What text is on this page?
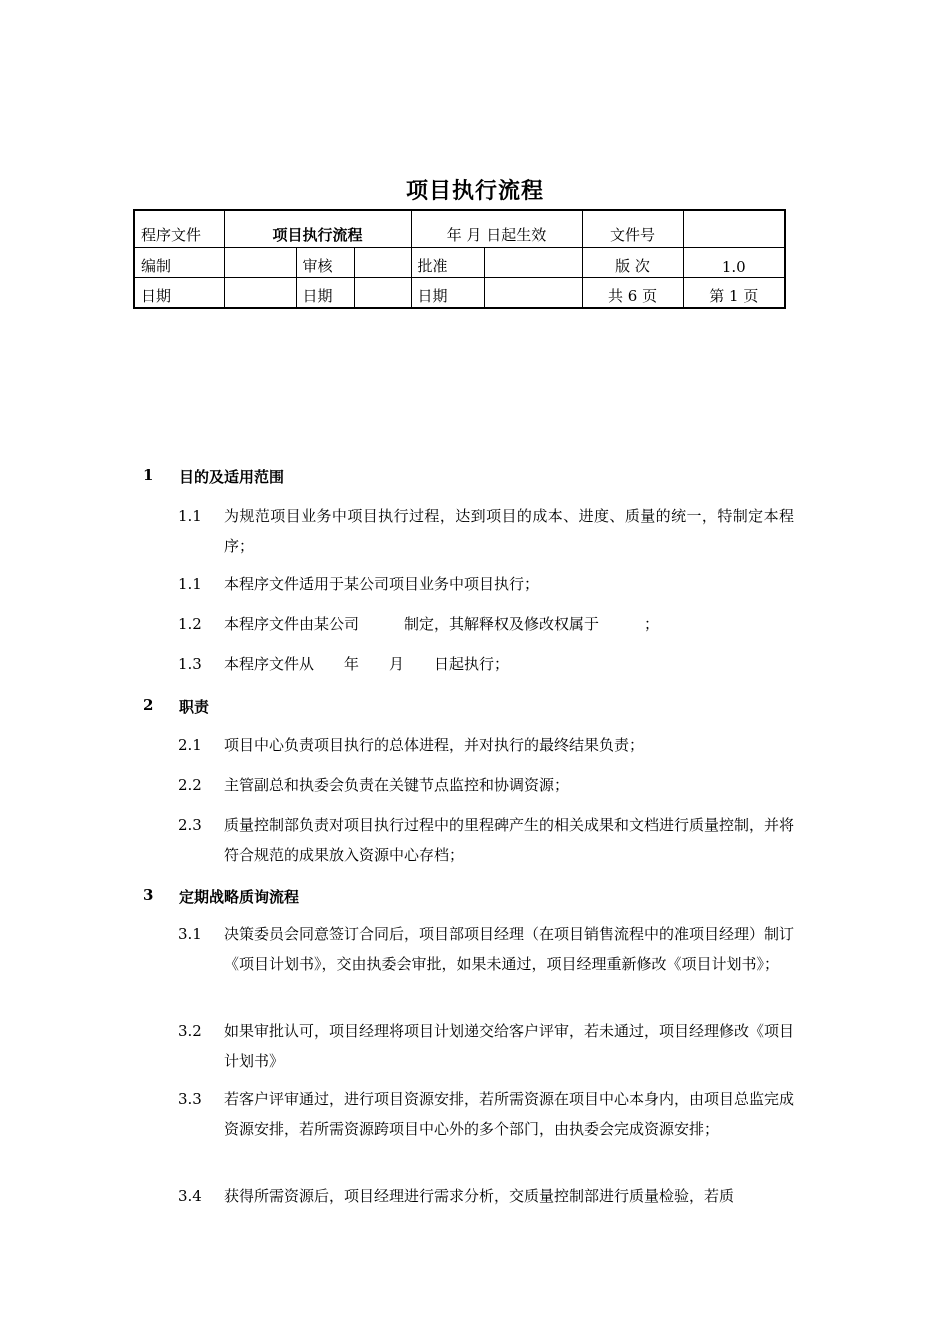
项目执行流程
程序文件	项目执行流程			年 月 日起生效		文件号	
编制		审核		批准		版 次	1.0
日期		日期		日期		共 6 页	第 1 页
1	目的及适用范围
1.1	为规范项目业务中项目执行过程，达到项目的成本、进度、质量的统一，特制定本程序；
1.1	本程序文件适用于某公司项目业务中项目执行；
1.2	本程序文件由某公司　　　制定，其解释权及修改权属于　　　；
1.3	本程序文件从　　年　　月　　日起执行；
2	职责
2.1	项目中心负责项目执行的总体进程，并对执行的最终结果负责；
2.2	主管副总和执委会负责在关键节点监控和协调资源；
2.3	质量控制部负责对项目执行过程中的里程碑产生的相关成果和文档进行质量控制，并将符合规范的成果放入资源中心存档；
3	定期战略质询流程
3.1	决策委员会同意签订合同后，项目部项目经理（在项目销售流程中的准项目经理）制订《项目计划书》，交由执委会审批，如果未通过，项目经理重新修改《项目计划书》；
3.2	如果审批认可，项目经理将项目计划递交给客户评审，若未通过，项目经理修改《项目计划书》
3.3	若客户评审通过，进行项目资源安排，若所需资源在项目中心本身内，由项目总监完成资源安排，若所需资源跨项目中心外的多个部门，由执委会完成资源安排；
3.4	获得所需资源后，项目经理进行需求分析，交质量控制部进行质量检验，若质
